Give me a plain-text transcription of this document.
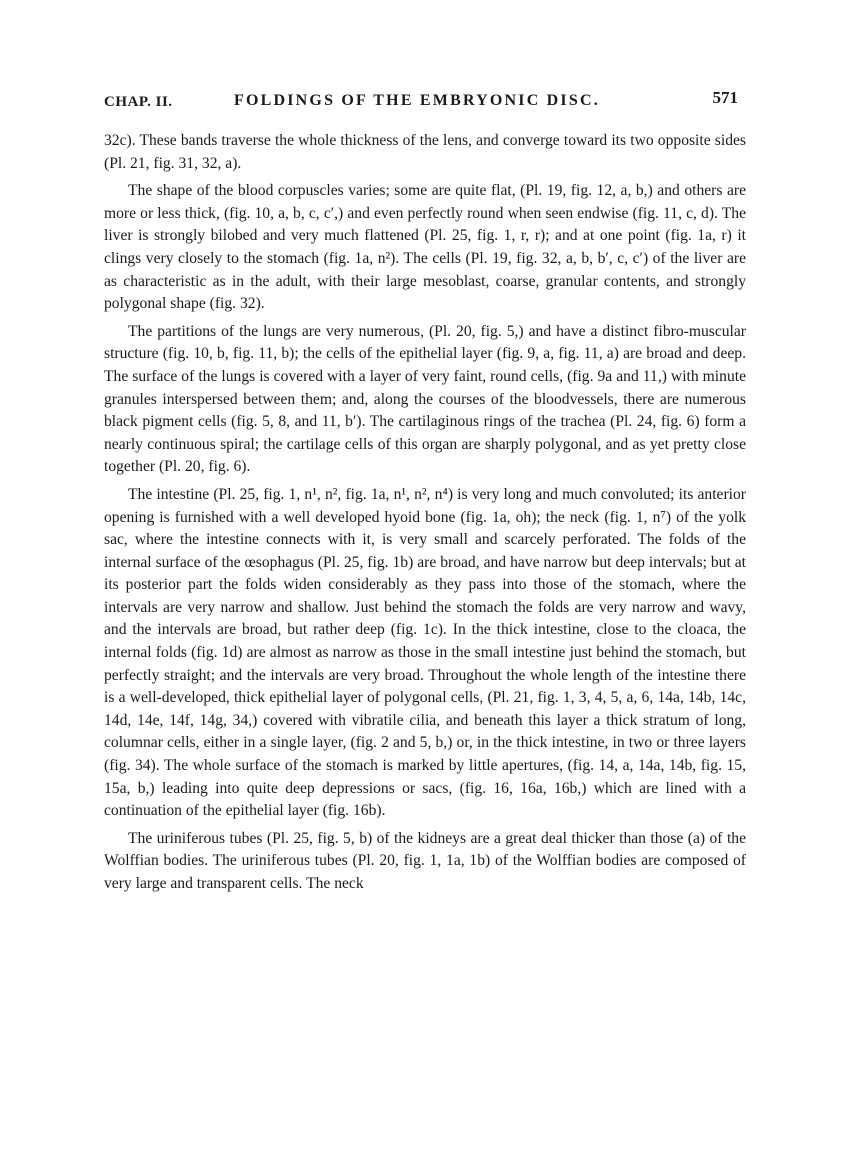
CHAP. II.	FOLDINGS OF THE EMBRYONIC DISC.	571

32c). These bands traverse the whole thickness of the lens, and converge toward its two opposite sides (Pl. 21, fig. 31, 32, a).

The shape of the blood corpuscles varies; some are quite flat, (Pl. 19, fig. 12, a, b,) and others are more or less thick, (fig. 10, a, b, c, c′,) and even perfectly round when seen endwise (fig. 11, c, d). The liver is strongly bilobed and very much flattened (Pl. 25, fig. 1, r, r); and at one point (fig. 1a, r) it clings very closely to the stomach (fig. 1a, n²). The cells (Pl. 19, fig. 32, a, b, b′, c, c′) of the liver are as characteristic as in the adult, with their large mesoblast, coarse, granular contents, and strongly polygonal shape (fig. 32).

The partitions of the lungs are very numerous, (Pl. 20, fig. 5,) and have a distinct fibro-muscular structure (fig. 10, b, fig. 11, b); the cells of the epithelial layer (fig. 9, a, fig. 11, a) are broad and deep. The surface of the lungs is covered with a layer of very faint, round cells, (fig. 9a and 11,) with minute granules interspersed between them; and, along the courses of the bloodvessels, there are numerous black pigment cells (fig. 5, 8, and 11, b′). The cartilaginous rings of the trachea (Pl. 24, fig. 6) form a nearly continuous spiral; the cartilage cells of this organ are sharply polygonal, and as yet pretty close together (Pl. 20, fig. 6).

The intestine (Pl. 25, fig. 1, n¹, n², fig. 1a, n¹, n², n⁴) is very long and much convoluted; its anterior opening is furnished with a well developed hyoid bone (fig. 1a, oh); the neck (fig. 1, n⁷) of the yolk sac, where the intestine connects with it, is very small and scarcely perforated. The folds of the internal surface of the œsophagus (Pl. 25, fig. 1b) are broad, and have narrow but deep intervals; but at its posterior part the folds widen considerably as they pass into those of the stomach, where the intervals are very narrow and shallow. Just behind the stomach the folds are very narrow and wavy, and the intervals are broad, but rather deep (fig. 1c). In the thick intestine, close to the cloaca, the internal folds (fig. 1d) are almost as narrow as those in the small intestine just behind the stomach, but perfectly straight; and the intervals are very broad. Throughout the whole length of the intestine there is a well-developed, thick epithelial layer of polygonal cells, (Pl. 21, fig. 1, 3, 4, 5, a, 6, 14a, 14b, 14c, 14d, 14e, 14f, 14g, 34,) covered with vibratile cilia, and beneath this layer a thick stratum of long, columnar cells, either in a single layer, (fig. 2 and 5, b,) or, in the thick intestine, in two or three layers (fig. 34). The whole surface of the stomach is marked by little apertures, (fig. 14, a, 14a, 14b, fig. 15, 15a, b,) leading into quite deep depressions or sacs, (fig. 16, 16a, 16b,) which are lined with a continuation of the epithelial layer (fig. 16b).

The uriniferous tubes (Pl. 25, fig. 5, b) of the kidneys are a great deal thicker than those (a) of the Wolffian bodies. The uriniferous tubes (Pl. 20, fig. 1, 1a, 1b) of the Wolffian bodies are composed of very large and transparent cells. The neck
